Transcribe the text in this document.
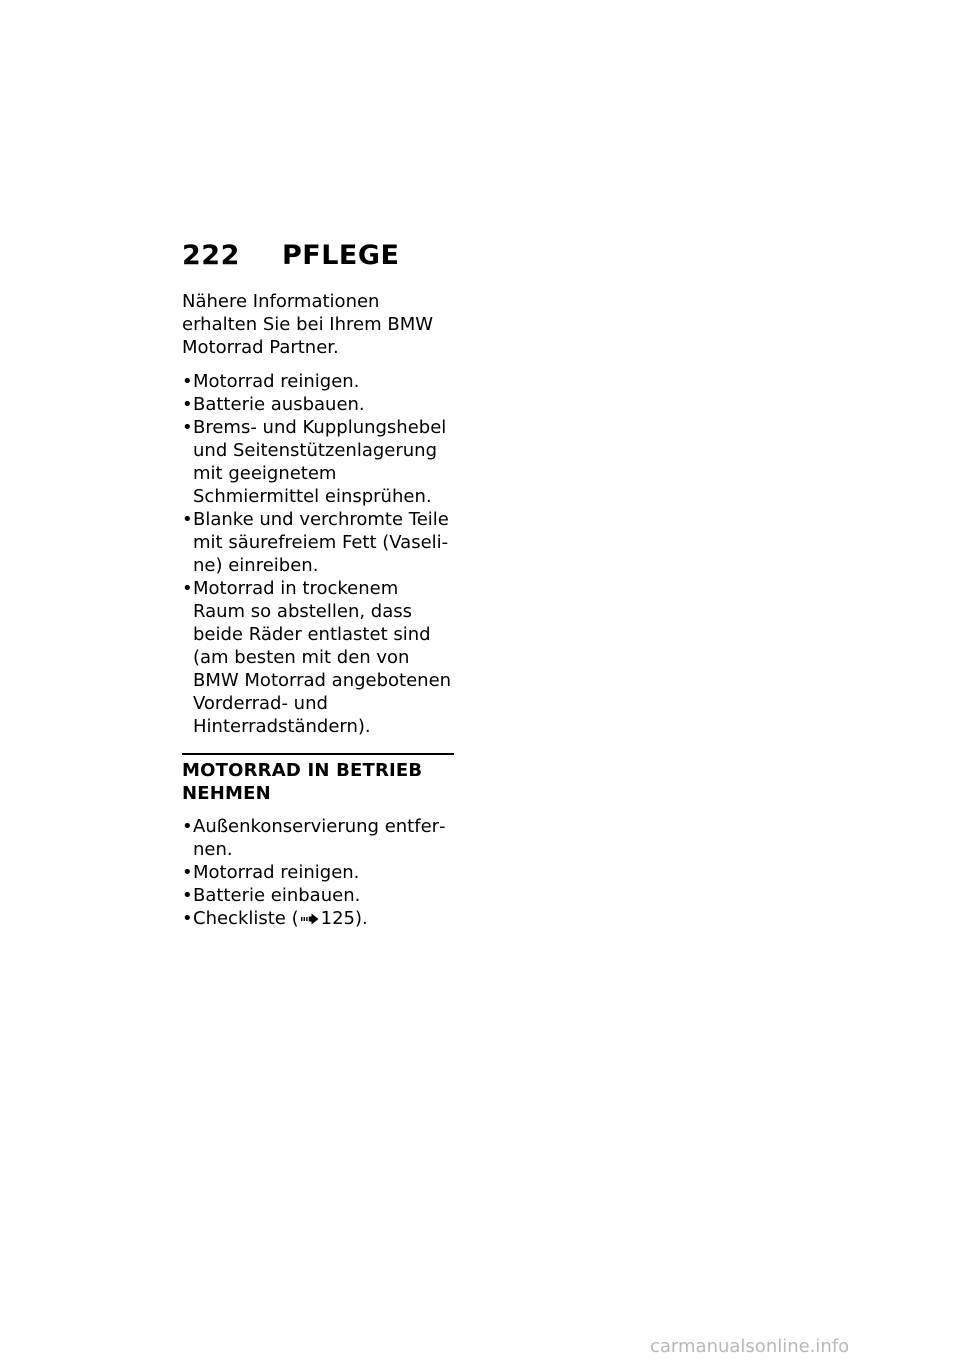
222 PFLEGE

Nähere Informationen erhalten Sie bei Ihrem BMW Motorrad Partner.

• Motorrad reinigen.
• Batterie ausbauen.
• Brems- und Kupplungshebel und Seitenstützenlagerung mit geeignetem Schmiermittel einsprühen.
• Blanke und verchromte Teile mit säurefreiem Fett (Vaseline) einreiben.
• Motorrad in trockenem Raum so abstellen, dass beide Räder entlastet sind (am besten mit den von BMW Motorrad angebotenen Vorderrad- und Hinterradständern).
MOTORRAD IN BETRIEB NEHMEN
• Außenkonservierung entfernen.
• Motorrad reinigen.
• Batterie einbauen.
• Checkliste ( 125).
carmanualsonline.info
